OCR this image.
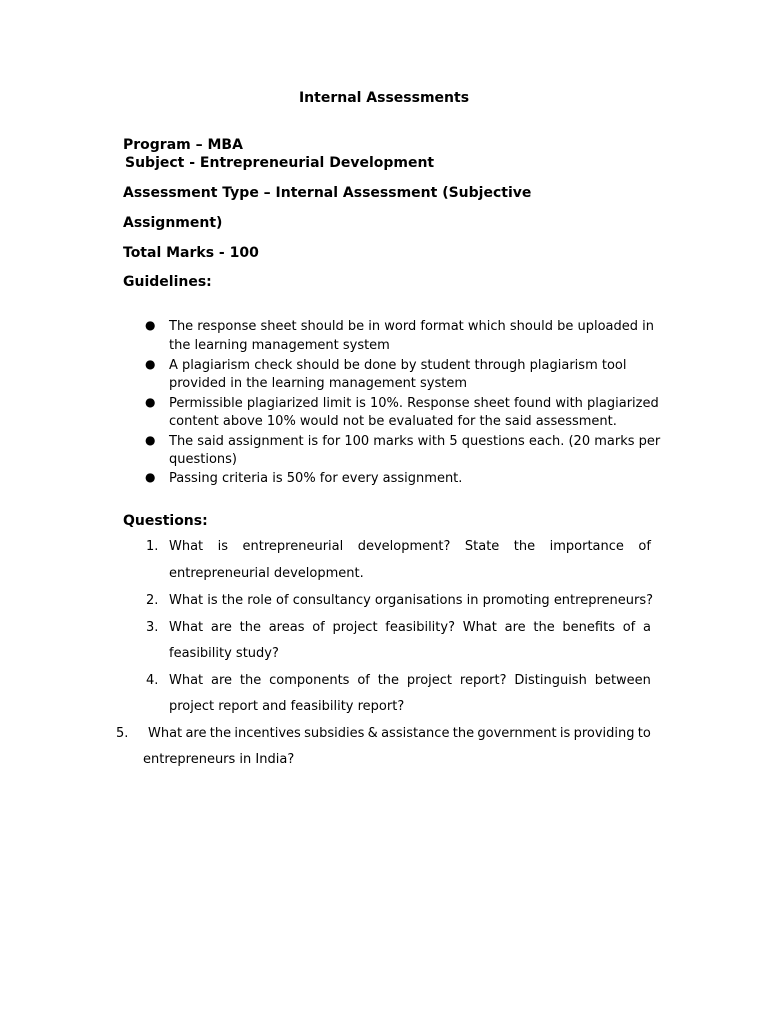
Internal Assessments
Program – MBA
Subject - Entrepreneurial Development
Assessment Type – Internal Assessment (Subjective
Assignment)
Total Marks - 100
Guidelines:
● The response sheet should be in word format which should be uploaded in
the learning management system
● A plagiarism check should be done by student through plagiarism tool
provided in the learning management system
● Permissible plagiarized limit is 10%. Response sheet found with plagiarized
content above 10% would not be evaluated for the said assessment.
● The said assignment is for 100 marks with 5 questions each. (20 marks per
questions)
● Passing criteria is 50% for every assignment.
Questions:
1. What is entrepreneurial development? State the importance of
entrepreneurial development.
2. What is the role of consultancy organisations in promoting entrepreneurs?
3. What are the areas of project feasibility? What are the benefits of a
feasibility study?
4. What are the components of the project report? Distinguish between
project report and feasibility report?
5. What are the incentives subsidies & assistance the government is providing to
entrepreneurs in India?
